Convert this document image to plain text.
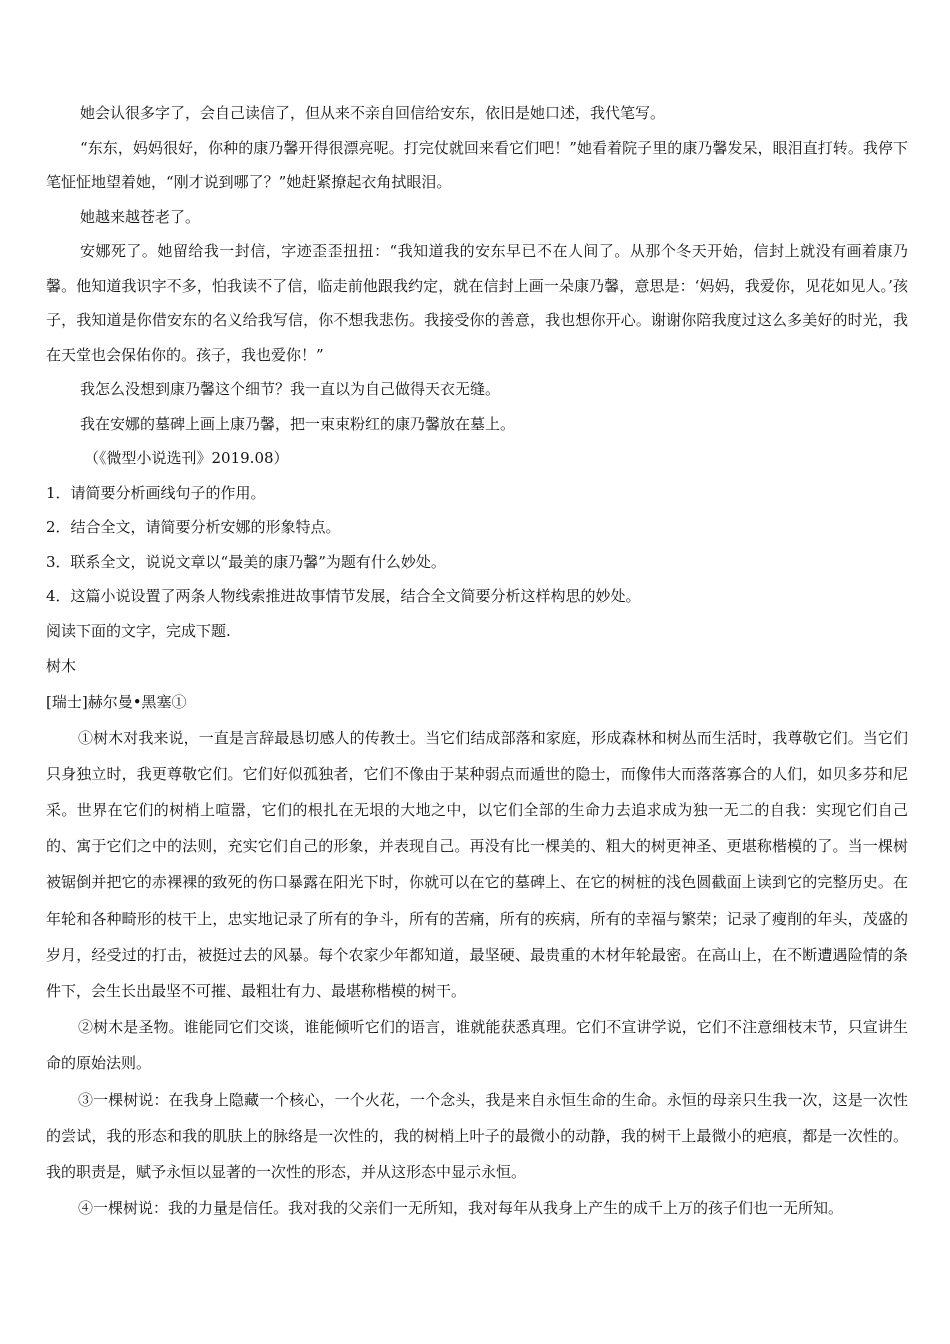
她会认很多字了，会自己读信了，但从来不亲自回信给安东，依旧是她口述，我代笔写。

“东东，妈妈很好，你种的康乃馨开得很漂亮呢。打完仗就回来看它们吧！”她看着院子里的康乃馨发呆，眼泪直打转。我停下笔怔怔地望着她，“刚才说到哪了？”她赶紧撩起衣角拭眼泪。

她越来越苍老了。

安娜死了。她留给我一封信，字迹歪歪扭扭：“我知道我的安东早已不在人间了。从那个冬天开始，信封上就没有画着康乃馨。他知道我识字不多，怕我读不了信，临走前他跟我约定，就在信封上画一朵康乃馨，意思是：‘妈妈，我爱你，见花如见人。’孩子，我知道是你借安东的名义给我写信，你不想我悲伤。我接受你的善意，我也想你开心。谢谢你陪我度过这么多美好的时光，我在天堂也会保佑你的。孩子，我也爱你！”

我怎么没想到康乃馨这个细节？我一直以为自己做得天衣无缝。

我在安娜的墓碑上画上康乃馨，把一束束粉红的康乃馨放在墓上。

（《微型小说选刊》2019.08）

1．请简要分析画线句子的作用。

2．结合全文，请简要分析安娜的形象特点。

3．联系全文，说说文章以“最美的康乃馨”为题有什么妙处。

4．这篇小说设置了两条人物线索推进故事情节发展，结合全文简要分析这样构思的妙处。

阅读下面的文字，完成下题.

树木

[瑞士]赫尔曼•黑塞①

①树木对我来说，一直是言辞最恳切感人的传教士。当它们结成部落和家庭，形成森林和树丛而生活时，我尊敬它们。当它们只身独立时，我更尊敬它们。它们好似孤独者，它们不像由于某种弱点而遁世的隐士，而像伟大而落落寡合的人们，如贝多芬和尼采。世界在它们的树梢上喧嚣，它们的根扎在无垠的大地之中，以它们全部的生命力去追求成为独一无二的自我：实现它们自己的、寓于它们之中的法则，充实它们自己的形象，并表现自己。再没有比一棵美的、粗大的树更神圣、更堪称楷模的了。当一棵树被锯倒并把它的赤裸裸的致死的伤口暴露在阳光下时，你就可以在它的墓碑上、在它的树桩的浅色圆截面上读到它的完整历史。在年轮和各种畸形的枝干上，忠实地记录了所有的争斗，所有的苦痛，所有的疾病，所有的幸福与繁荣；记录了瘦削的年头，茂盛的岁月，经受过的打击，被挺过去的风暴。每个农家少年都知道，最坚硬、最贵重的木材年轮最密。在高山上，在不断遭遇险情的条件下，会生长出最坚不可摧、最粗壮有力、最堪称楷模的树干。

②树木是圣物。谁能同它们交谈，谁能倾听它们的语言，谁就能获悉真理。它们不宣讲学说，它们不注意细枝末节，只宣讲生命的原始法则。

③一棵树说：在我身上隐藏一个核心，一个火花，一个念头，我是来自永恒生命的生命。永恒的母亲只生我一次，这是一次性的尝试，我的形态和我的肌肤上的脉络是一次性的，我的树梢上叶子的最微小的动静，我的树干上最微小的疤痕，都是一次性的。我的职责是，赋予永恒以显著的一次性的形态，并从这形态中显示永恒。

④一棵树说：我的力量是信任。我对我的父亲们一无所知，我对每年从我身上产生的成千上万的孩子们也一无所知。
